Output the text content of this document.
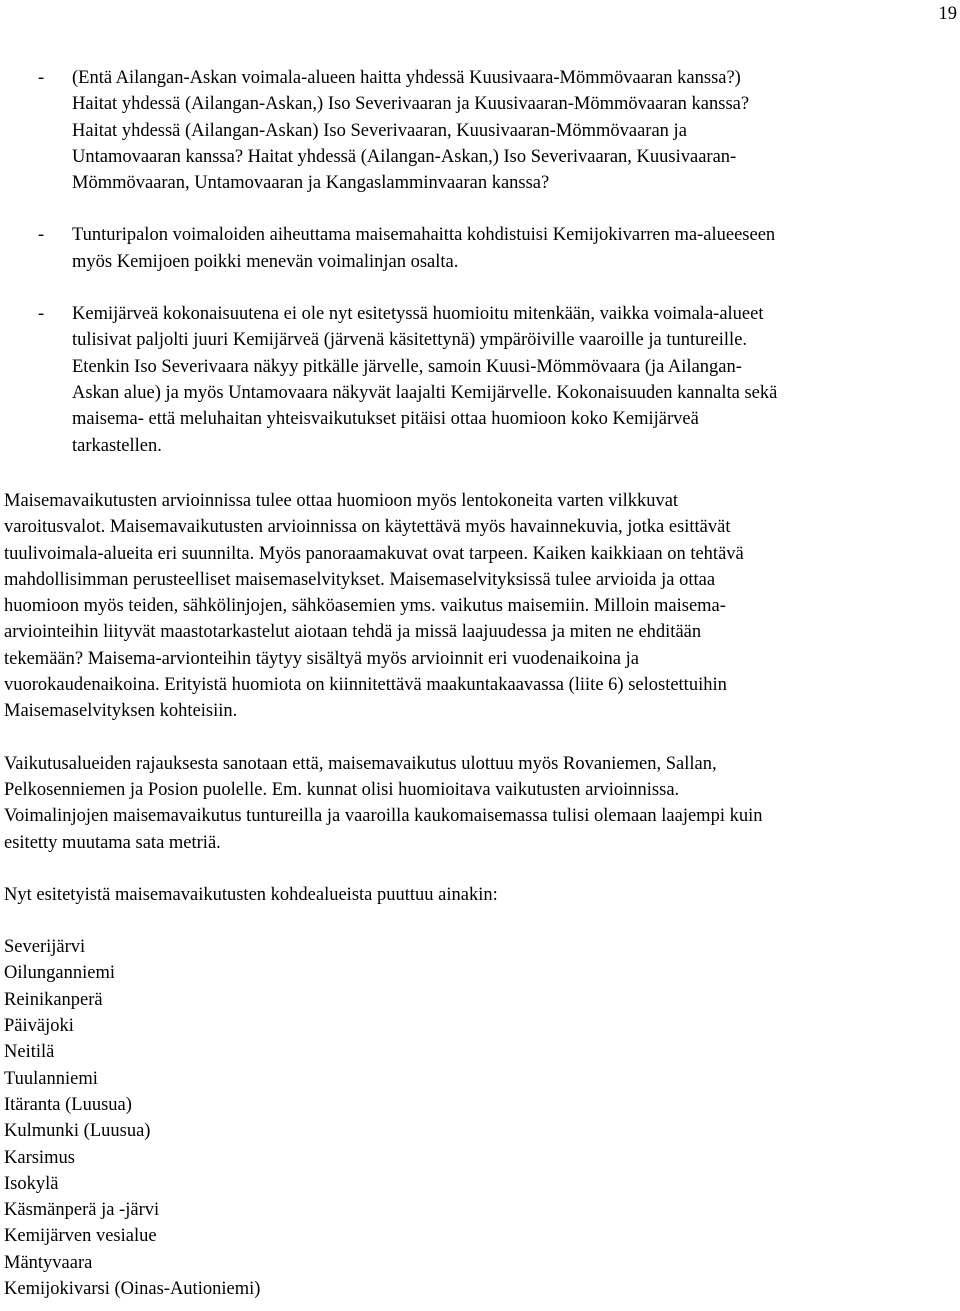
19
- (Entä Ailangan-Askan voimala-alueen haitta yhdessä Kuusivaara-Mömmövaaran kanssa?)
Haitat yhdessä (Ailangan-Askan,) Iso Severivaaran ja Kuusivaaran-Mömmövaaran kanssa?
Haitat yhdessä (Ailangan-Askan) Iso Severivaaran, Kuusivaaran-Mömmövaaran ja
Untamovaaran kanssa? Haitat yhdessä (Ailangan-Askan,) Iso Severivaaran, Kuusivaaran-
Mömmövaaran, Untamovaaran ja Kangaslamminvaaran kanssa?
- Tunturipalon voimaloiden aiheuttama maisemahaitta kohdistuisi Kemijokivarren ma-alueeseen
myös Kemijoen poikki menevän voimalinjan osalta.
- Kemijärveä kokonaisuutena ei ole nyt esitetyssä huomioitu mitenkään, vaikka voimala-alueet
tulisivat paljolti juuri Kemijärveä (järvenä käsitettynä) ympäröiville vaaroille ja tuntureille.
Etenkin Iso Severivaara näkyy pitkälle järvelle, samoin Kuusi-Mömmövaara (ja Ailangan-
Askan alue) ja myös Untamovaara näkyvät laajalti Kemijärvelle. Kokonaisuuden kannalta sekä
maisema- että meluhaitan yhteisvaikutukset pitäisi ottaa huomioon koko Kemijärveä
tarkastellen.
Maisemavaikutusten arvioinnissa tulee ottaa huomioon myös lentokoneita varten vilkkuvat
varoitusvalot. Maisemavaikutusten arvioinnissa on käytettävä myös havainnekuvia, jotka esittävät
tuulivoimala-alueita eri suunnilta. Myös panoraamakuvat ovat tarpeen. Kaiken kaikkiaan on tehtävä
mahdollisimman perusteelliset maisemaselvitykset. Maisemaselvityksissä tulee arvioida ja ottaa
huomioon myös teiden, sähkölinjojen, sähköasemien yms. vaikutus maisemiin. Milloin maisema-
arviointeihin liityvät maastotarkastelut aiotaan tehdä ja missä laajuudessa ja miten ne ehditään
tekemään? Maisema-arvionteihin täytyy sisältyä myös arvioinnit eri vuodenaikoina ja
vuorokaudenaikoina. Erityistä huomiota on kiinnitettävä maakuntakaavassa (liite 6) selostettuihin
Maisemaselvityksen kohteisiin.
Vaikutusalueiden rajauksesta sanotaan että, maisemavaikutus ulottuu myös Rovaniemen, Sallan,
Pelkosenniemen ja Posion puolelle. Em. kunnat olisi huomioitava vaikutusten arvioinnissa.
Voimalinjojen maisemavaikutus tuntureilla ja vaaroilla kaukomaisemassa tulisi olemaan laajempi kuin
esitetty muutama sata metriä.
Nyt esitetyistä maisemavaikutusten kohdealueista puuttuu ainakin:
Severijärvi
Oilunganniemi
Reinikanperä
Päiväjoki
Neitilä
Tuulanniemi
Itäranta (Luusua)
Kulmunki (Luusua)
Karsimus
Isokylä
Käsmänperä ja -järvi
Kemijärven vesialue
Mäntyvaara
Kemijokivarsi (Oinas-Autioniemi)
